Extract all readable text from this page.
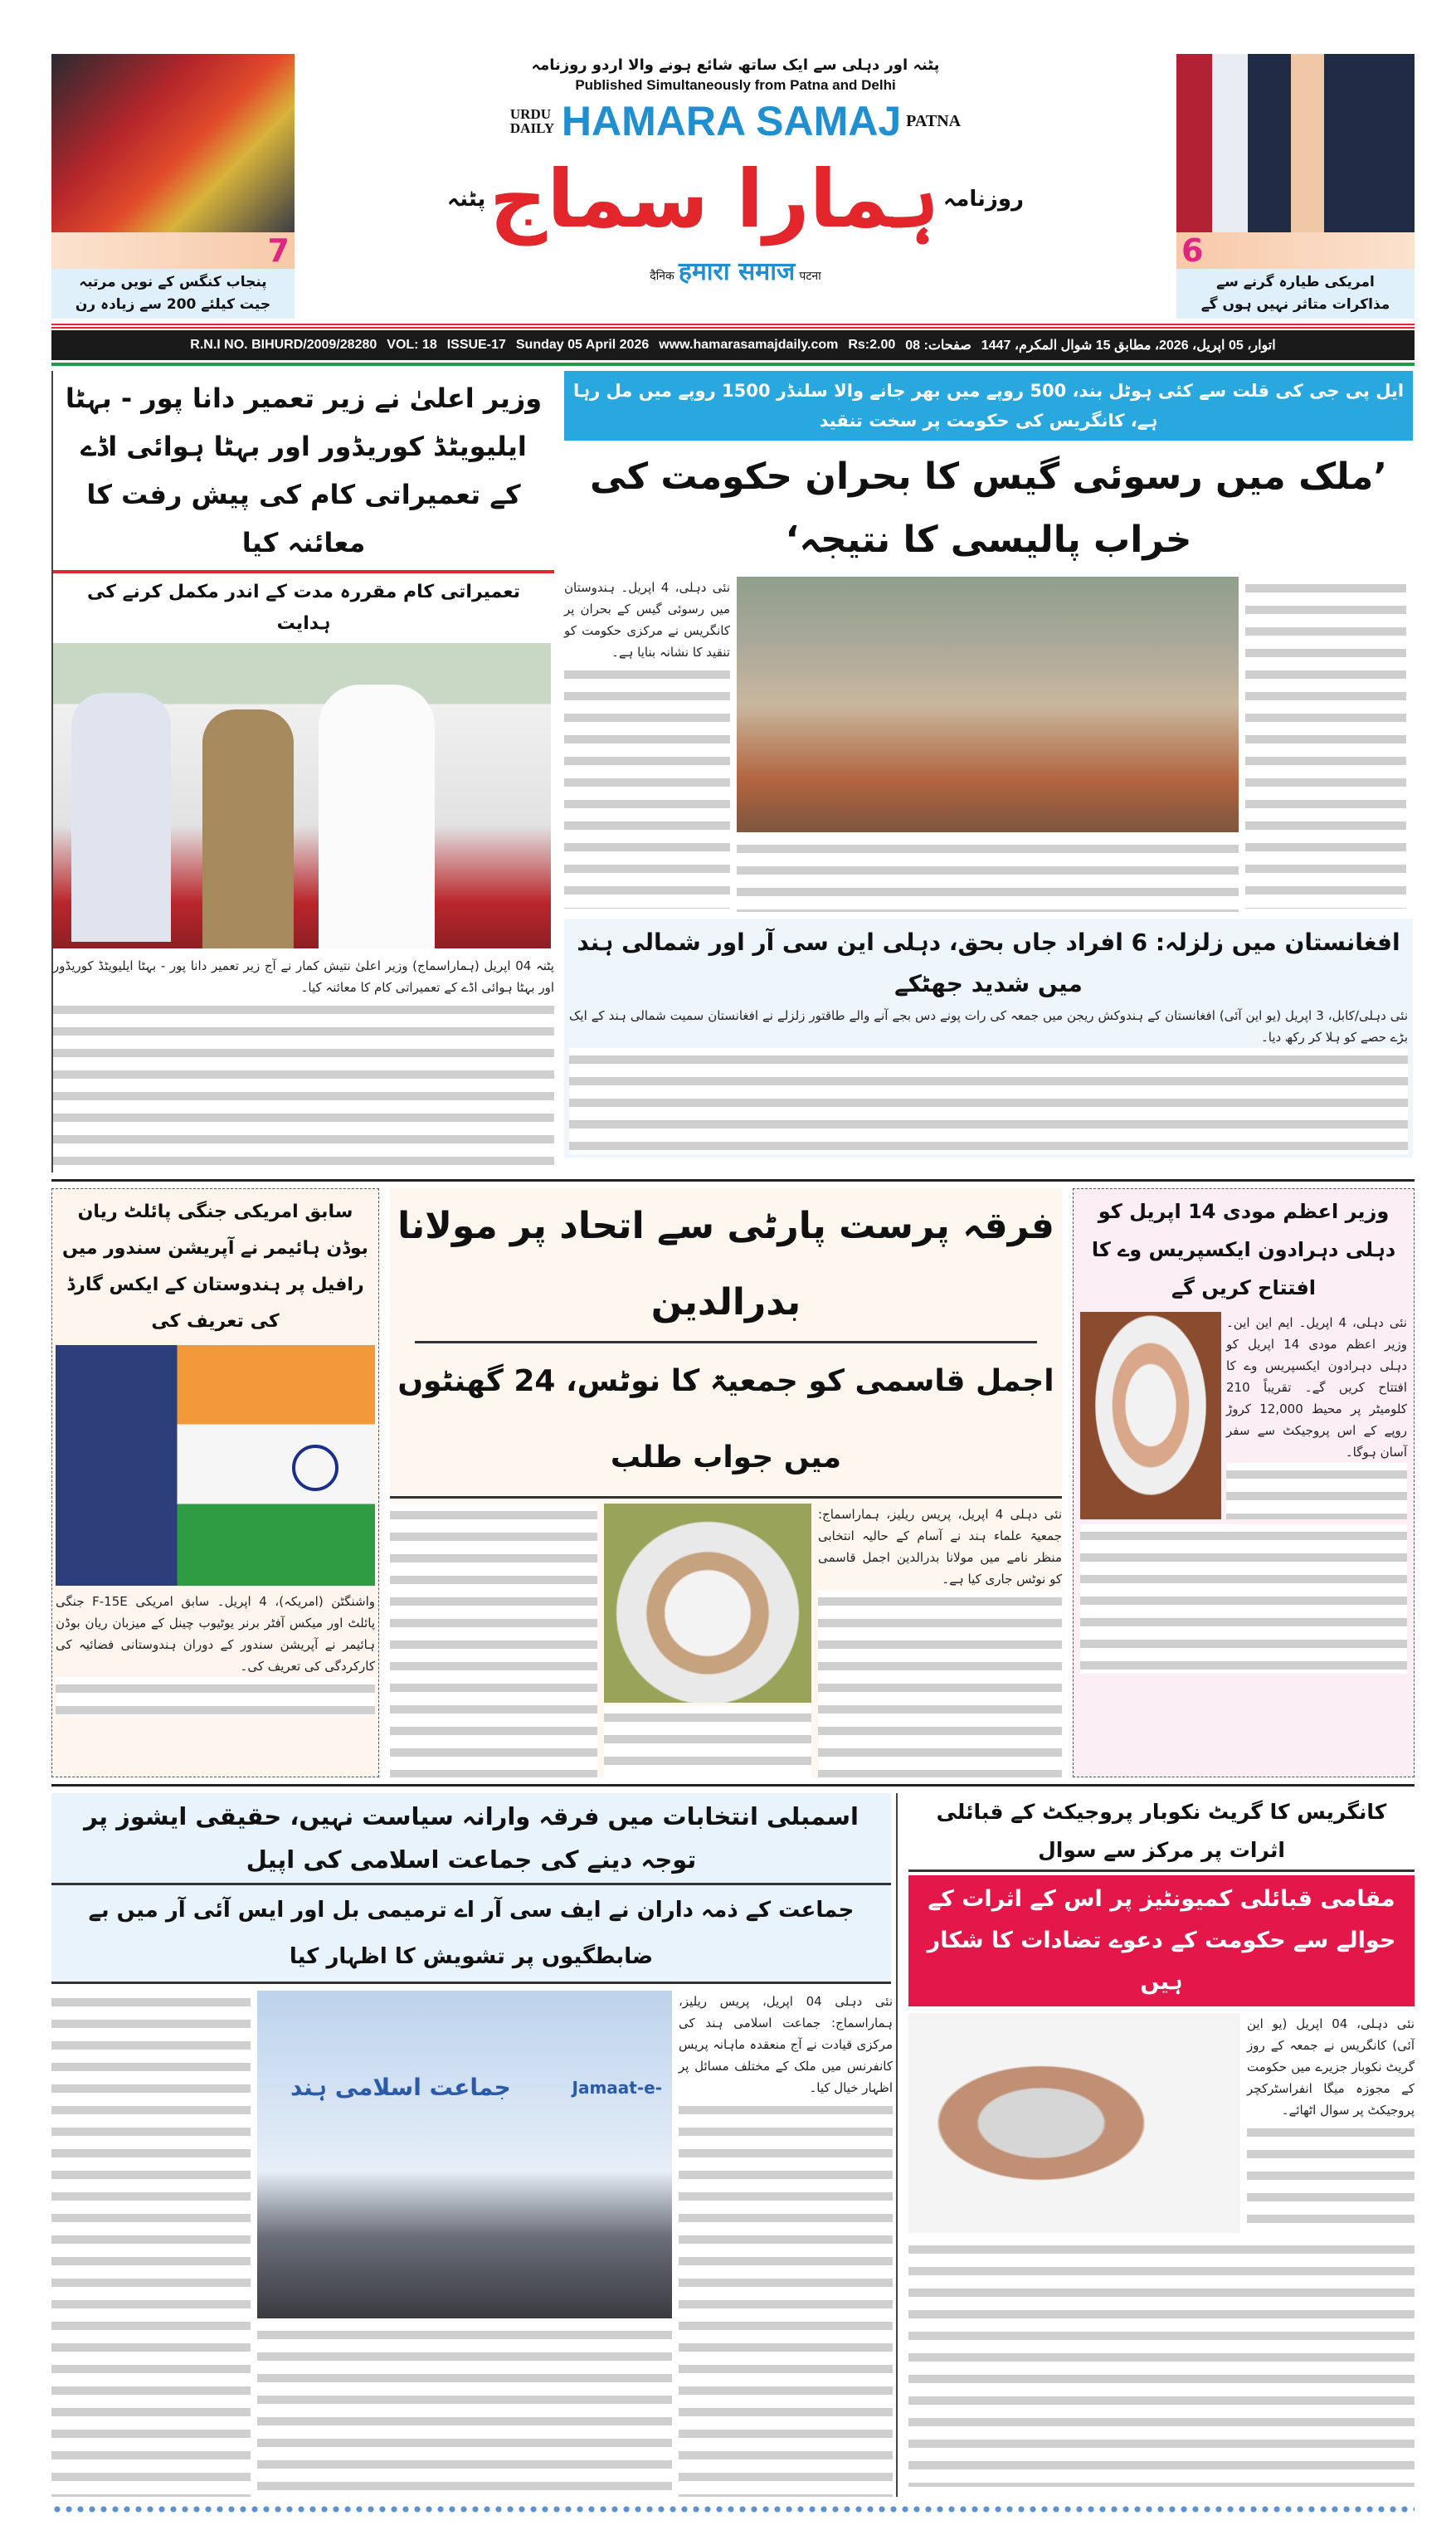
7
پنجاب کنگس کے نویں مرتبہ جیت کیلئے 200 سے زیادہ رن
پٹنہ اور دہلی سے ایک ساتھ شائع ہونے والا اردو روزنامہ
Published Simultaneously from Patna and Delhi
URDU DAILY HAMARA SAMAJ PATNA
پٹنہ ہمارا سماج روزنامہ
दैनिक हमारा समाज पटना
6
امریکی طیارہ گرنے سے مذاکرات متاثر نہیں ہوں گے
R.N.I NO. BIHURD/2009/28280 VOL: 18 ISSUE-17 Sunday 05 April 2026 www.hamarasamajdaily.com Rs:2.00 08 :صفحات اتوار، 05 اپریل، 2026، مطابق 15 شوال المکرم، 1447
وزیر اعلیٰ نے زیر تعمیر دانا پور - بہٹا ایلیویٹڈ کوریڈور اور بہٹا ہوائی اڈے کے تعمیراتی کام کی پیش رفت کا معائنہ کیا
تعمیراتی کام مقررہ مدت کے اندر مکمل کرنے کی ہدایت
پٹنہ 04 اپریل (ہماراسماج) وزیر اعلیٰ نتیش کمار نے آج زیر تعمیر دانا پور - بہٹا ایلیویٹڈ کوریڈور اور بہٹا ہوائی اڈے کے تعمیراتی کام کا معائنہ کیا۔
ایل پی جی کی قلت سے کئی ہوٹل بند، 500 روپے میں بھر جانے والا سلنڈر 1500 روپے میں مل رہا ہے، کانگریس کی حکومت پر سخت تنقید
’ملک میں رسوئی گیس کا بحران حکومت کی خراب پالیسی کا نتیجہ‘
نئی دہلی، 4 اپریل۔ ہندوستان میں رسوئی گیس کے بحران پر کانگریس نے مرکزی حکومت کو تنقید کا نشانہ بنایا ہے۔
افغانستان میں زلزلہ: 6 افراد جاں بحق، دہلی این سی آر اور شمالی ہند میں شدید جھٹکے
نئی دہلی/کابل، 3 اپریل (یو این آئی) افغانستان کے ہندوکش ریجن میں جمعہ کی رات پونے دس بجے آنے والے طاقتور زلزلے نے افغانستان سمیت شمالی ہند کے ایک بڑے حصے کو ہلا کر رکھ دیا۔
سابق امریکی جنگی پائلٹ ریان بوڈن ہائیمر نے آپریشن سندور میں رافیل پر ہندوستان کے ایکس گارڈ کی تعریف کی
واشنگٹن (امریکہ)، 4 اپریل۔ سابق امریکی F-15E جنگی پائلٹ اور میکس آفٹر برنر یوٹیوب چینل کے میزبان ریان بوڈن ہائیمر نے آپریشن سندور کے دوران ہندوستانی فضائیہ کی کارکردگی کی تعریف کی۔
فرقہ پرست پارٹی سے اتحاد پر مولانا بدرالدین
اجمل قاسمی کو جمعیۃ کا نوٹس، 24 گھنٹوں میں جواب طلب
نئی دہلی 4 اپریل، پریس ریلیز، ہماراسماج: جمعیۃ علماء ہند نے آسام کے حالیہ انتخابی منظر نامے میں مولانا بدرالدین اجمل قاسمی کو نوٹس جاری کیا ہے۔
وزیر اعظم مودی 14 اپریل کو دہلی دہرادون ایکسپریس وے کا افتتاح کریں گے
نئی دہلی، 4 اپریل۔ ایم این این۔ وزیر اعظم مودی 14 اپریل کو دہلی دہرادون ایکسپریس وے کا افتتاح کریں گے۔ تقریباً 210 کلومیٹر پر محیط 12,000 کروڑ روپے کے اس پروجیکٹ سے سفر آسان ہوگا۔
اسمبلی انتخابات میں فرقہ وارانہ سیاست نہیں، حقیقی ایشوز پر توجہ دینے کی جماعت اسلامی کی اپیل
جماعت کے ذمہ داران نے ایف سی آر اے ترمیمی بل اور ایس آئی آر میں بے ضابطگیوں پر تشویش کا اظہار کیا
جماعت اسلامی ہند	Jamaat-e-
نئی دہلی 04 اپریل، پریس ریلیز، ہماراسماج: جماعت اسلامی ہند کی مرکزی قیادت نے آج منعقدہ ماہانہ پریس کانفرنس میں ملک کے مختلف مسائل پر اظہار خیال کیا۔
کانگریس کا گریٹ نکوبار پروجیکٹ کے قبائلی اثرات پر مرکز سے سوال
مقامی قبائلی کمیونٹیز پر اس کے اثرات کے حوالے سے حکومت کے دعوے تضادات کا شکار ہیں
نئی دہلی، 04 اپریل (یو این آئی) کانگریس نے جمعہ کے روز گریٹ نکوبار جزیرے میں حکومت کے مجوزہ میگا انفراسٹرکچر پروجیکٹ پر سوال اٹھائے۔
